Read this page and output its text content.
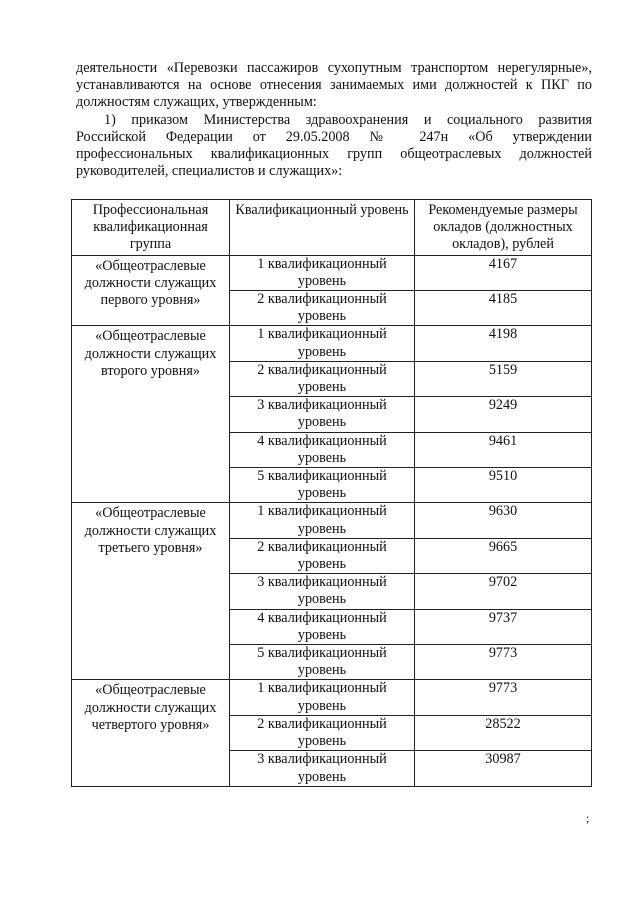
деятельности «Перевозки пассажиров сухопутным транспортом нерегулярные»,
устанавливаются на основе отнесения занимаемых ими должностей к ПКГ по
должностям служащих, утвержденным:

1) приказом Министерства здравоохранения и социального развития
Российской Федерации от 29.05.2008 № 247н «Об утверждении
профессиональных квалификационных групп общеотраслевых должностей
руководителей, специалистов и служащих»:

Профессиональная квалификационная группа	Квалификационный уровень	Рекомендуемые размеры окладов (должностных окладов), рублей
«Общеотраслевые должности служащих первого уровня»	1 квалификационный уровень	4167
	2 квалификационный уровень	4185
«Общеотраслевые должности служащих второго уровня»	1 квалификационный уровень	4198
	2 квалификационный уровень	5159
	3 квалификационный уровень	9249
	4 квалификационный уровень	9461
	5 квалификационный уровень	9510
«Общеотраслевые должности служащих третьего уровня»	1 квалификационный уровень	9630
	2 квалификационный уровень	9665
	3 квалификационный уровень	9702
	4 квалификационный уровень	9737
	5 квалификационный уровень	9773
«Общеотраслевые должности служащих четвертого уровня»	1 квалификационный уровень	9773
	2 квалификационный уровень	28522
	3 квалификационный уровень	30987
;
